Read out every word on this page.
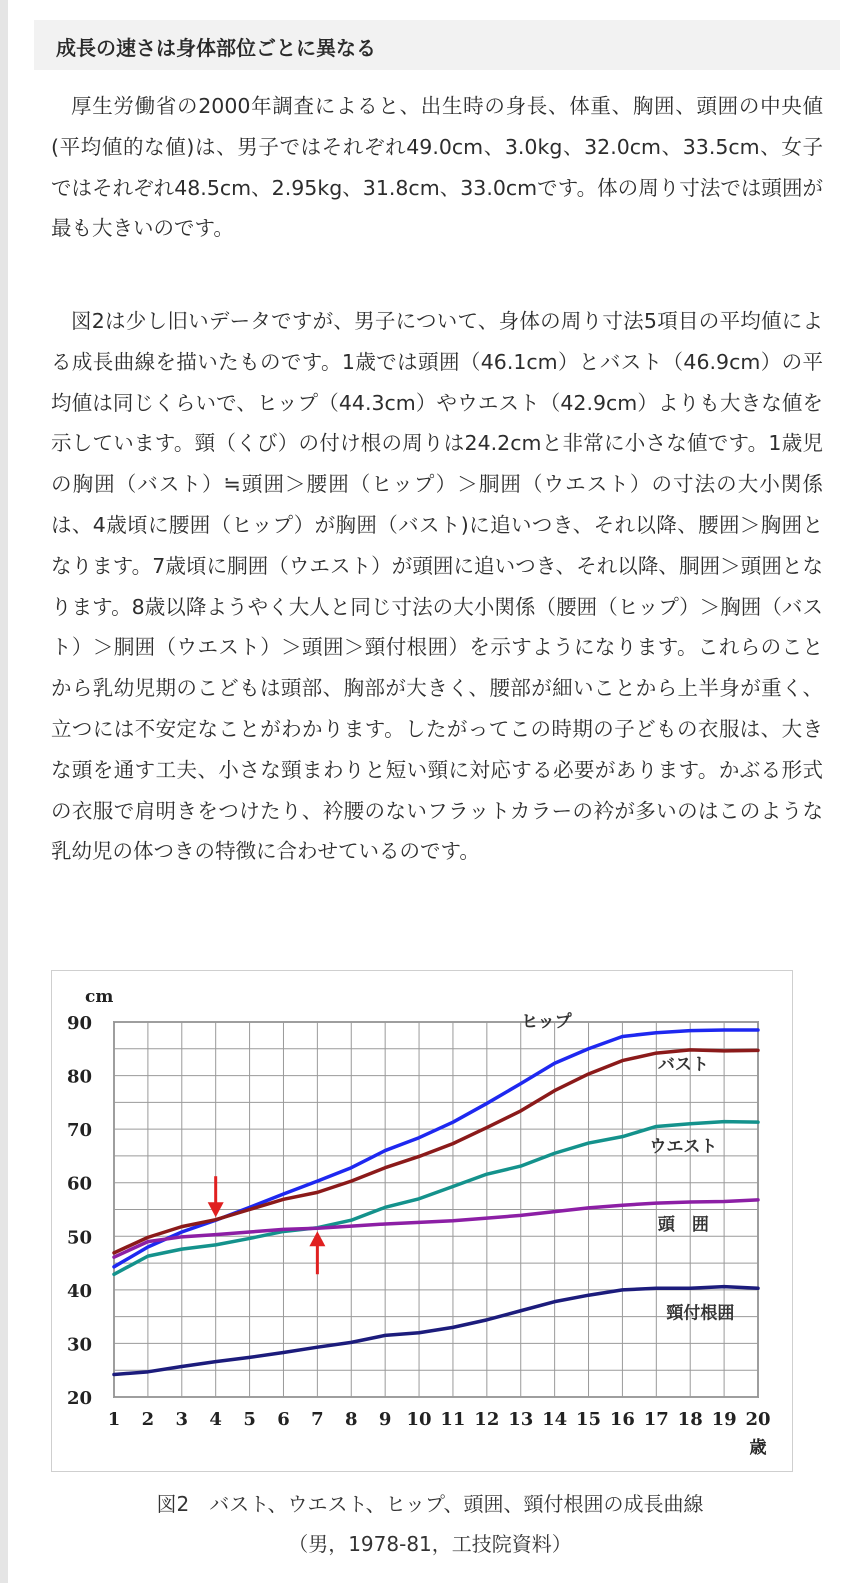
成長の速さは身体部位ごとに異なる

厚生労働省の2000年調査によると、出生時の身長、体重、胸囲、頭囲の中央値(平均値的な値)は、男子ではそれぞれ49.0cm、3.0kg、32.0cm、33.5cm、女子ではそれぞれ48.5cm、2.95kg、31.8cm、33.0cmです。体の周り寸法では頭囲が最も大きいのです。

図2は少し旧いデータですが、男子について、身体の周り寸法5項目の平均値による成長曲線を描いたものです。1歳では頭囲（46.1cm）とバスト（46.9cm）の平均値は同じくらいで、ヒップ（44.3cm）やウエスト（42.9cm）よりも大きな値を示しています。頸（くび）の付け根の周りは24.2cmと非常に小さな値です。1歳児の胸囲（バスト）≒頭囲＞腰囲（ヒップ）＞胴囲（ウエスト）の寸法の大小関係は、4歳頃に腰囲（ヒップ）が胸囲（バスト)に追いつき、それ以降、腰囲＞胸囲となります。7歳頃に胴囲（ウエスト）が頭囲に追いつき、それ以降、胴囲＞頭囲となります。8歳以降ようやく大人と同じ寸法の大小関係（腰囲（ヒップ）＞胸囲（バスト）＞胴囲（ウエスト）＞頭囲＞頸付根囲）を示すようになります。これらのことから乳幼児期のこどもは頭部、胸部が大きく、腰部が細いことから上半身が重く、立つには不安定なことがわかります。したがってこの時期の子どもの衣服は、大きな頭を通す工夫、小さな頸まわりと短い頸に対応する必要があります。かぶる形式の衣服で肩明きをつけたり、衿腰のないフラットカラーの衿が多いのはこのような乳幼児の体つきの特徴に合わせているのです。

20
30
40
50
60
70
80
90
1 2 3 4 5 6 7 8 9 10 11 12 13 14 15 16 17 18 19 20
cm
歳
ヒップ
バスト
ウエスト
頭　囲
頸付根囲
図2　バスト、ウエスト、ヒップ、頭囲、頸付根囲の成長曲線
（男，1978-81，工技院資料）
